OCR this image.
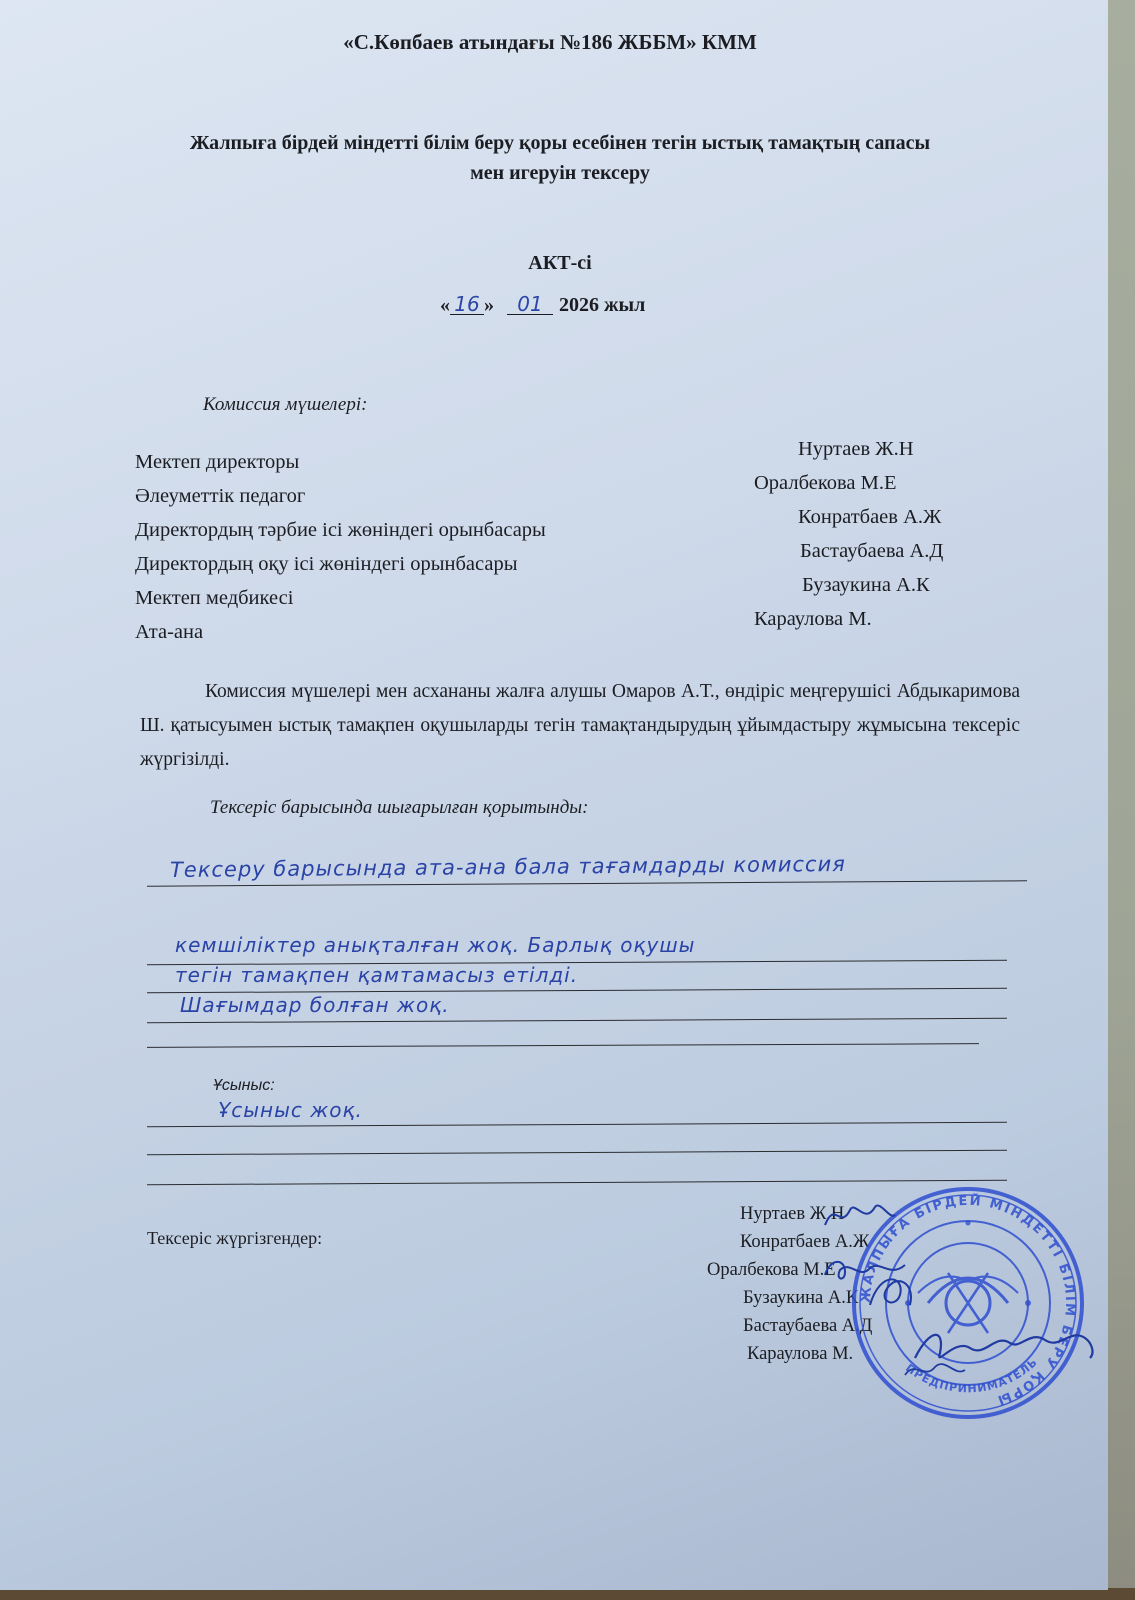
«С.Көпбаев атындағы №186 ЖББМ» КММ
Жалпыға бірдей міндетті білім беру қоры есебінен тегін ыстық тамақтың сапасы
мен игеруін тексеру
АКТ-сі
« 16 » 01 2026 жыл
Комиссия мүшелері:
Мектеп директоры
Әлеуметтік педагог
Директордың тәрбие ісі жөніндегі орынбасары
Директордың оқу ісі жөніндегі орынбасары
Мектеп медбикесі
Ата-ана
Нуртаев Ж.Н
Оралбекова М.Е
Конратбаев А.Ж
Бастаубаева А.Д
Бузаукина А.К
Караулова М.
Комиссия мүшелері мен асхананы жалға алушы Омаров А.Т., өндіріс меңгерушісі Абдыкаримова Ш. қатысуымен ыстық тамақпен оқушыларды тегін тамақтандырудың ұйымдастыру жұмысына тексеріс жүргізілді.
Тексеріс барысында шығарылған қорытынды:
Тексеру барысында ата-ана бала тағамдарды комиссия
кемшіліктер анықталған жоқ. Барлық оқушы
тегін тамақпен қамтамасыз етілді.
Шағымдар болған жоқ.
Ұсыныс:
Ұсыныс жоқ.
Тексеріс жүргізгендер:
Нуртаев Ж.Н
Конратбаев А.Ж
Оралбекова М.Е
Бузаукина А.К
Бастаубаева А.Д
Караулова М.
ЖАЛПЫҒА БІРДЕЙ МІНДЕТТІ БІЛІМ БЕРУ ҚОРЫ
ПРЕДПРИНИМАТЕЛЬ
